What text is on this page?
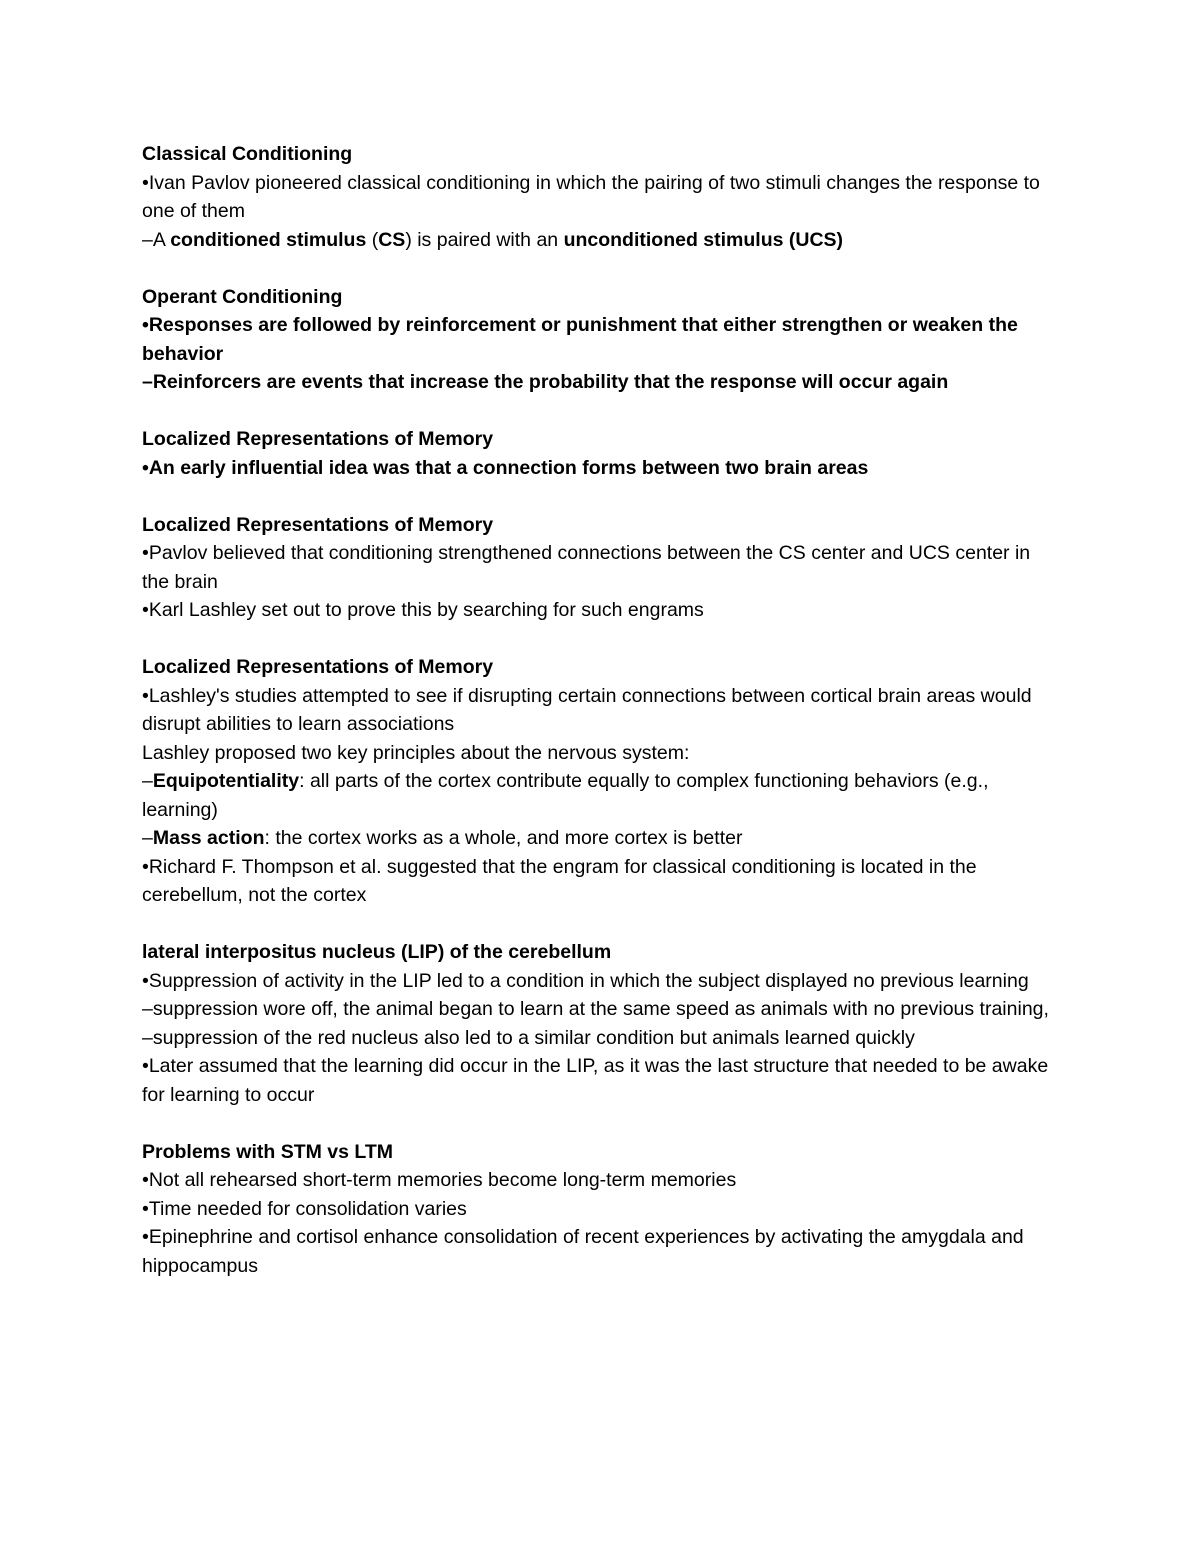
Classical Conditioning

•Ivan Pavlov pioneered classical conditioning in which the pairing of two stimuli changes the response to one of them

–A conditioned stimulus (CS) is paired with an unconditioned stimulus (UCS)

Operant Conditioning

•Responses are followed by reinforcement or punishment that either strengthen or weaken the behavior

–Reinforcers are events that increase the probability that the response will occur again

Localized Representations of Memory

•An early influential idea was that a connection forms between two brain areas

Localized Representations of Memory

•Pavlov believed that conditioning strengthened connections between the CS center and UCS center in the brain

•Karl Lashley set out to prove this by searching for such engrams

Localized Representations of Memory

•Lashley's studies attempted to see if disrupting certain connections between cortical brain areas would disrupt abilities to learn associations

Lashley proposed two key principles about the nervous system:

–Equipotentiality: all parts of the cortex contribute equally to complex functioning behaviors (e.g., learning)

–Mass action: the cortex works as a whole, and more cortex is better

•Richard F. Thompson et al. suggested that the engram for classical conditioning is located in the cerebellum, not the cortex

lateral interpositus nucleus (LIP) of the cerebellum

•Suppression of activity in the LIP led to a condition in which the subject displayed no previous learning

–suppression wore off, the animal began to learn at the same speed as animals with no previous training,

–suppression of the red nucleus also led to a similar condition but animals learned quickly

•Later assumed that the learning did occur in the LIP, as it was the last structure that needed to be awake for learning to occur

Problems with STM vs LTM

•Not all rehearsed short-term memories become long-term memories

•Time needed for consolidation varies

•Epinephrine and cortisol enhance consolidation of recent experiences by activating the amygdala and hippocampus
